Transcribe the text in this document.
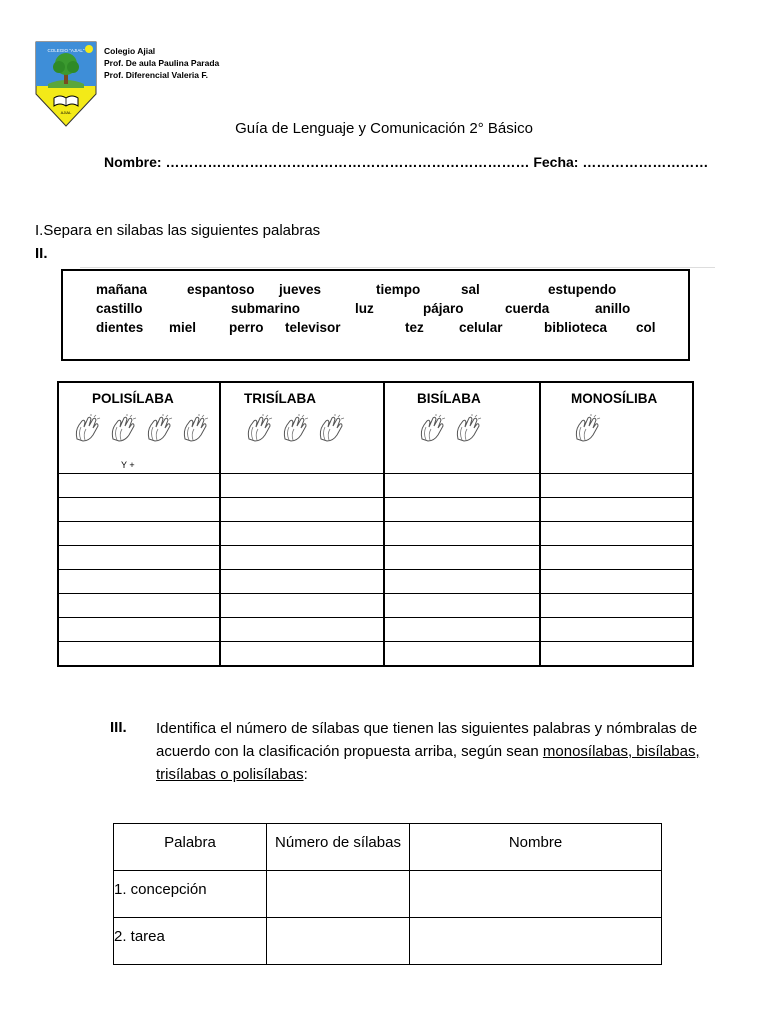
COLEGIO "AJIAL"
AJIAL
Colegio Ajial
Prof. De aula Paulina Parada
Prof. Diferencial Valeria F.
Guía de Lenguaje y Comunicación 2° Básico
Nombre: …………………………………………………………………… Fecha: ………………………
I.Separa en silabas las siguientes palabras
II.
mañana	espantoso jueves	tiempo	sal	estupendo
castillo	submarino	luz	pájaro	cuerda	anillo
dientes miel perro televisor	tez	celular	biblioteca col
POLISÍLABA	TRISÍLABA	BISÍLABA	MONOSÍLIBA
Y +
III. Identifica el número de sílabas que tienen las siguientes palabras y nómbralas de acuerdo con la clasificación propuesta arriba, según sean monosílabas, bisílabas, trisílabas o polisílabas:
Palabra	Número de sílabas	Nombre
1. concepción		
2. tarea		
